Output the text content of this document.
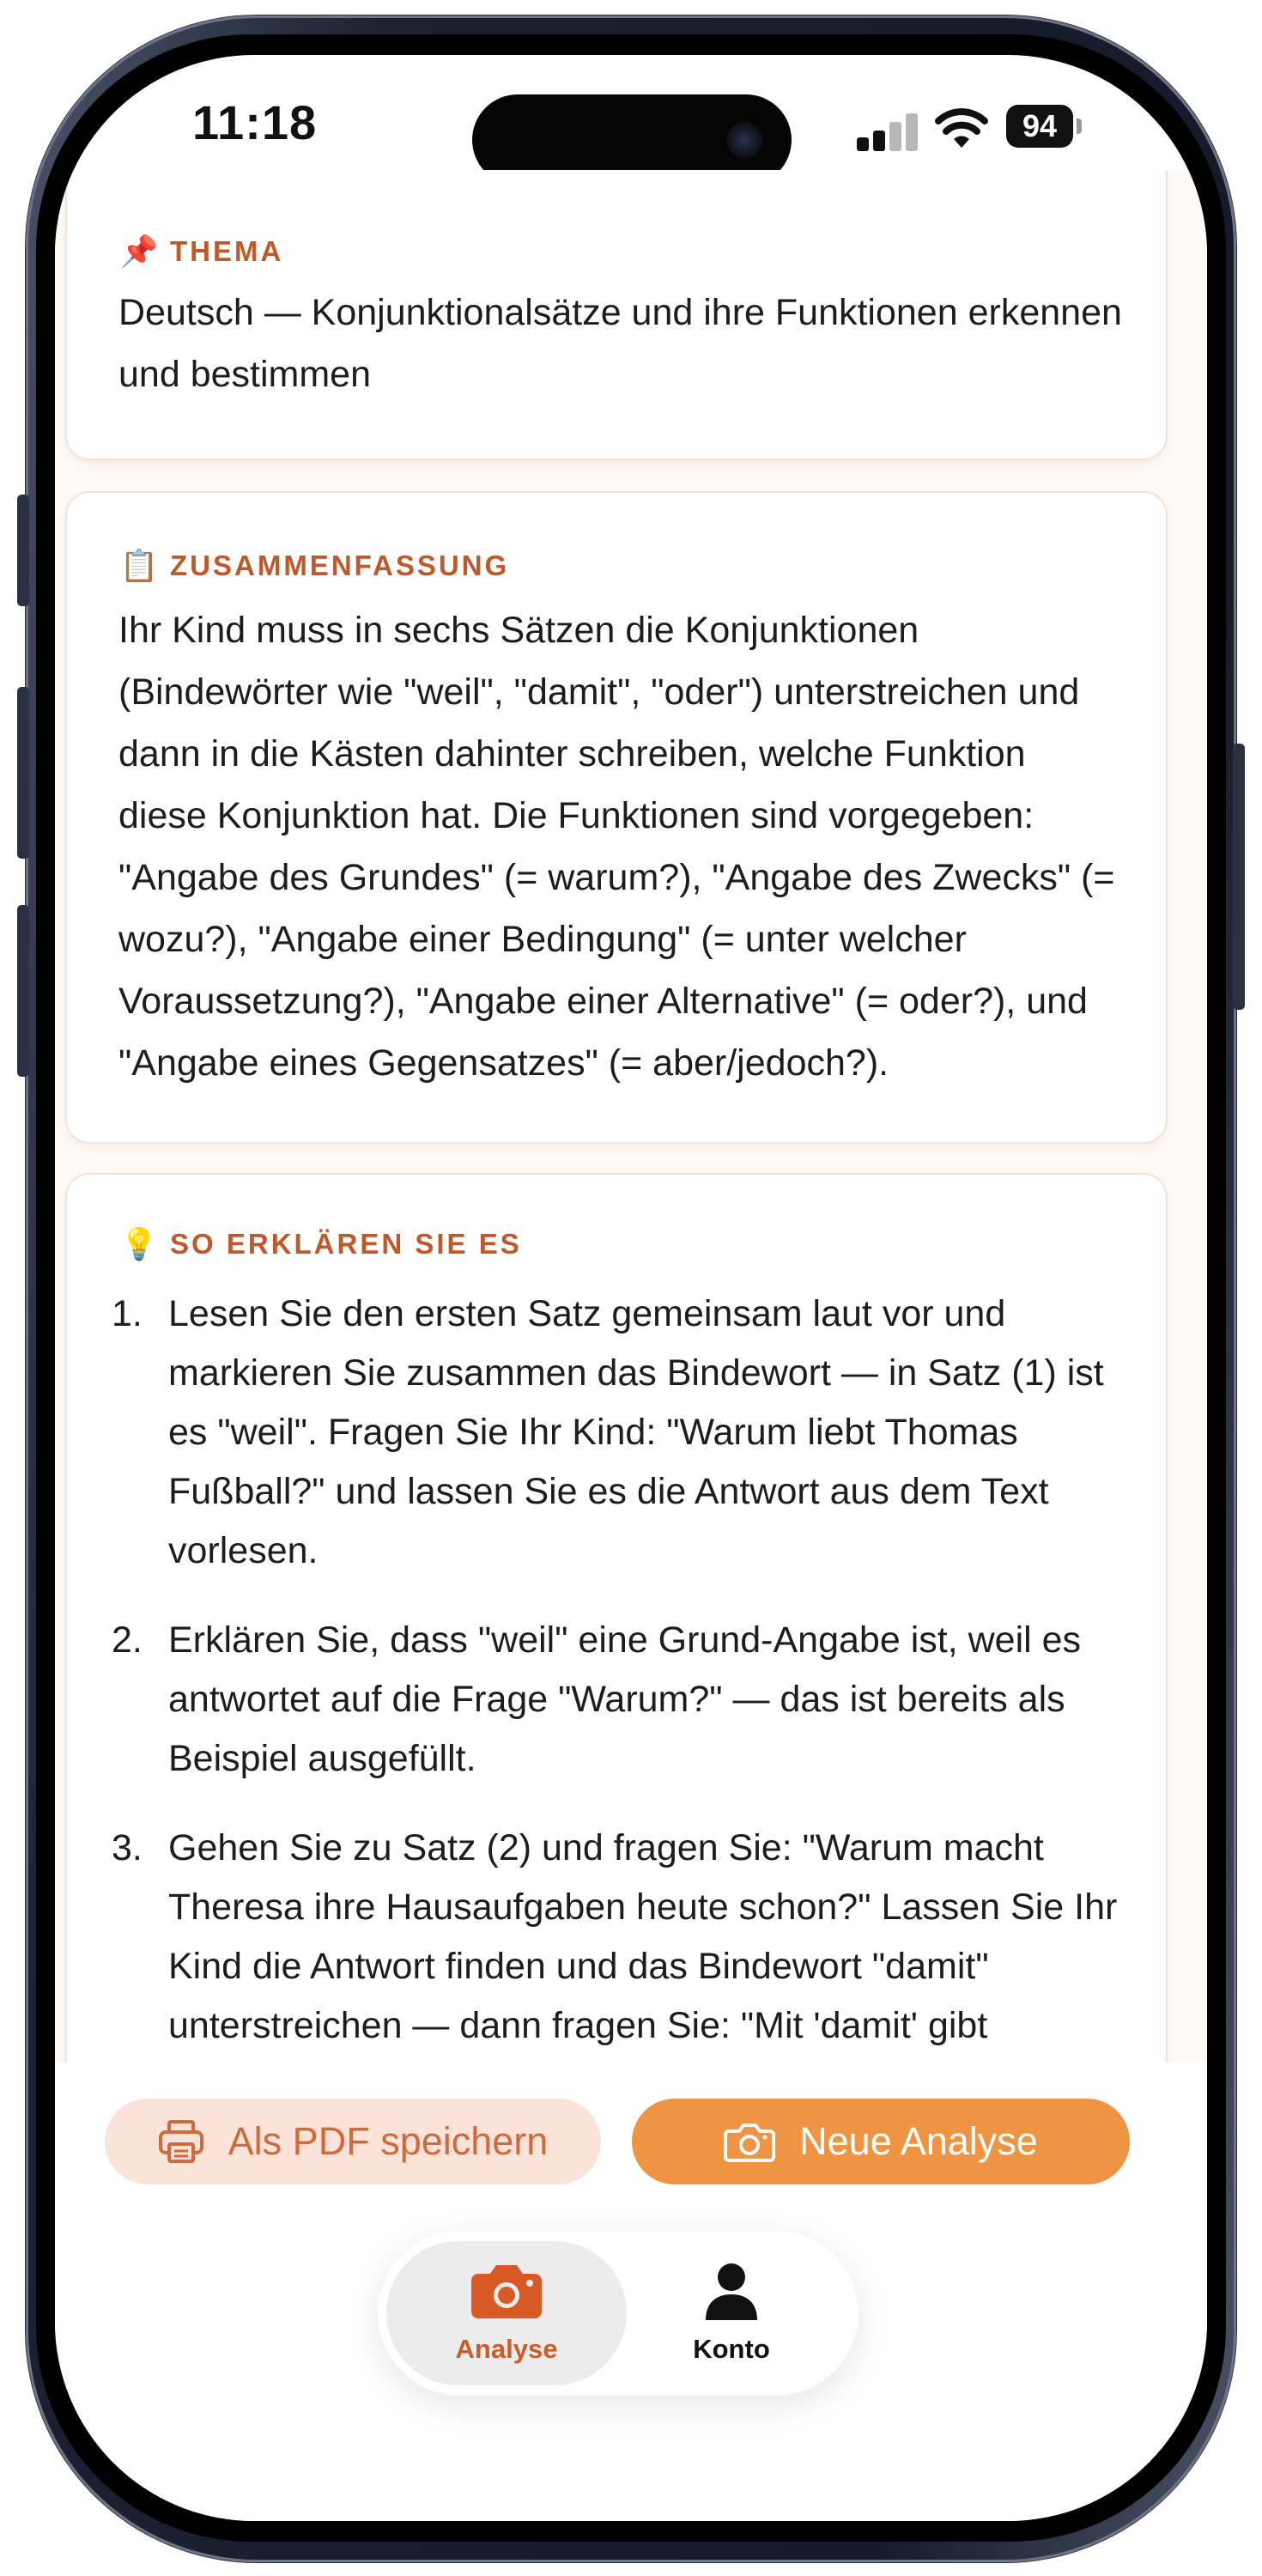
11:18	94
📌 THEMA
Deutsch — Konjunktionalsätze und ihre Funktionen erkennen und bestimmen
📋 ZUSAMMENFASSUNG
Ihr Kind muss in sechs Sätzen die Konjunktionen (Bindewörter wie "weil", "damit", "oder") unterstreichen und dann in die Kästen dahinter schreiben, welche Funktion diese Konjunktion hat. Die Funktionen sind vorgegeben: "Angabe des Grundes" (= warum?), "Angabe des Zwecks" (= wozu?), "Angabe einer Bedingung" (= unter welcher Voraussetzung?), "Angabe einer Alternative" (= oder?), und "Angabe eines Gegensatzes" (= aber/jedoch?).
💡 SO ERKLÄREN SIE ES
1. Lesen Sie den ersten Satz gemeinsam laut vor und markieren Sie zusammen das Bindewort — in Satz (1) ist es "weil". Fragen Sie Ihr Kind: "Warum liebt Thomas Fußball?" und lassen Sie es die Antwort aus dem Text vorlesen.
2. Erklären Sie, dass "weil" eine Grund-Angabe ist, weil es antwortet auf die Frage "Warum?" — das ist bereits als Beispiel ausgefüllt.
3. Gehen Sie zu Satz (2) und fragen Sie: "Warum macht Theresa ihre Hausaufgaben heute schon?" Lassen Sie Ihr Kind die Antwort finden und das Bindewort "damit" unterstreichen — dann fragen Sie: "Mit 'damit' gibt
Als PDF speichern	Neue Analyse
Analyse	Konto
